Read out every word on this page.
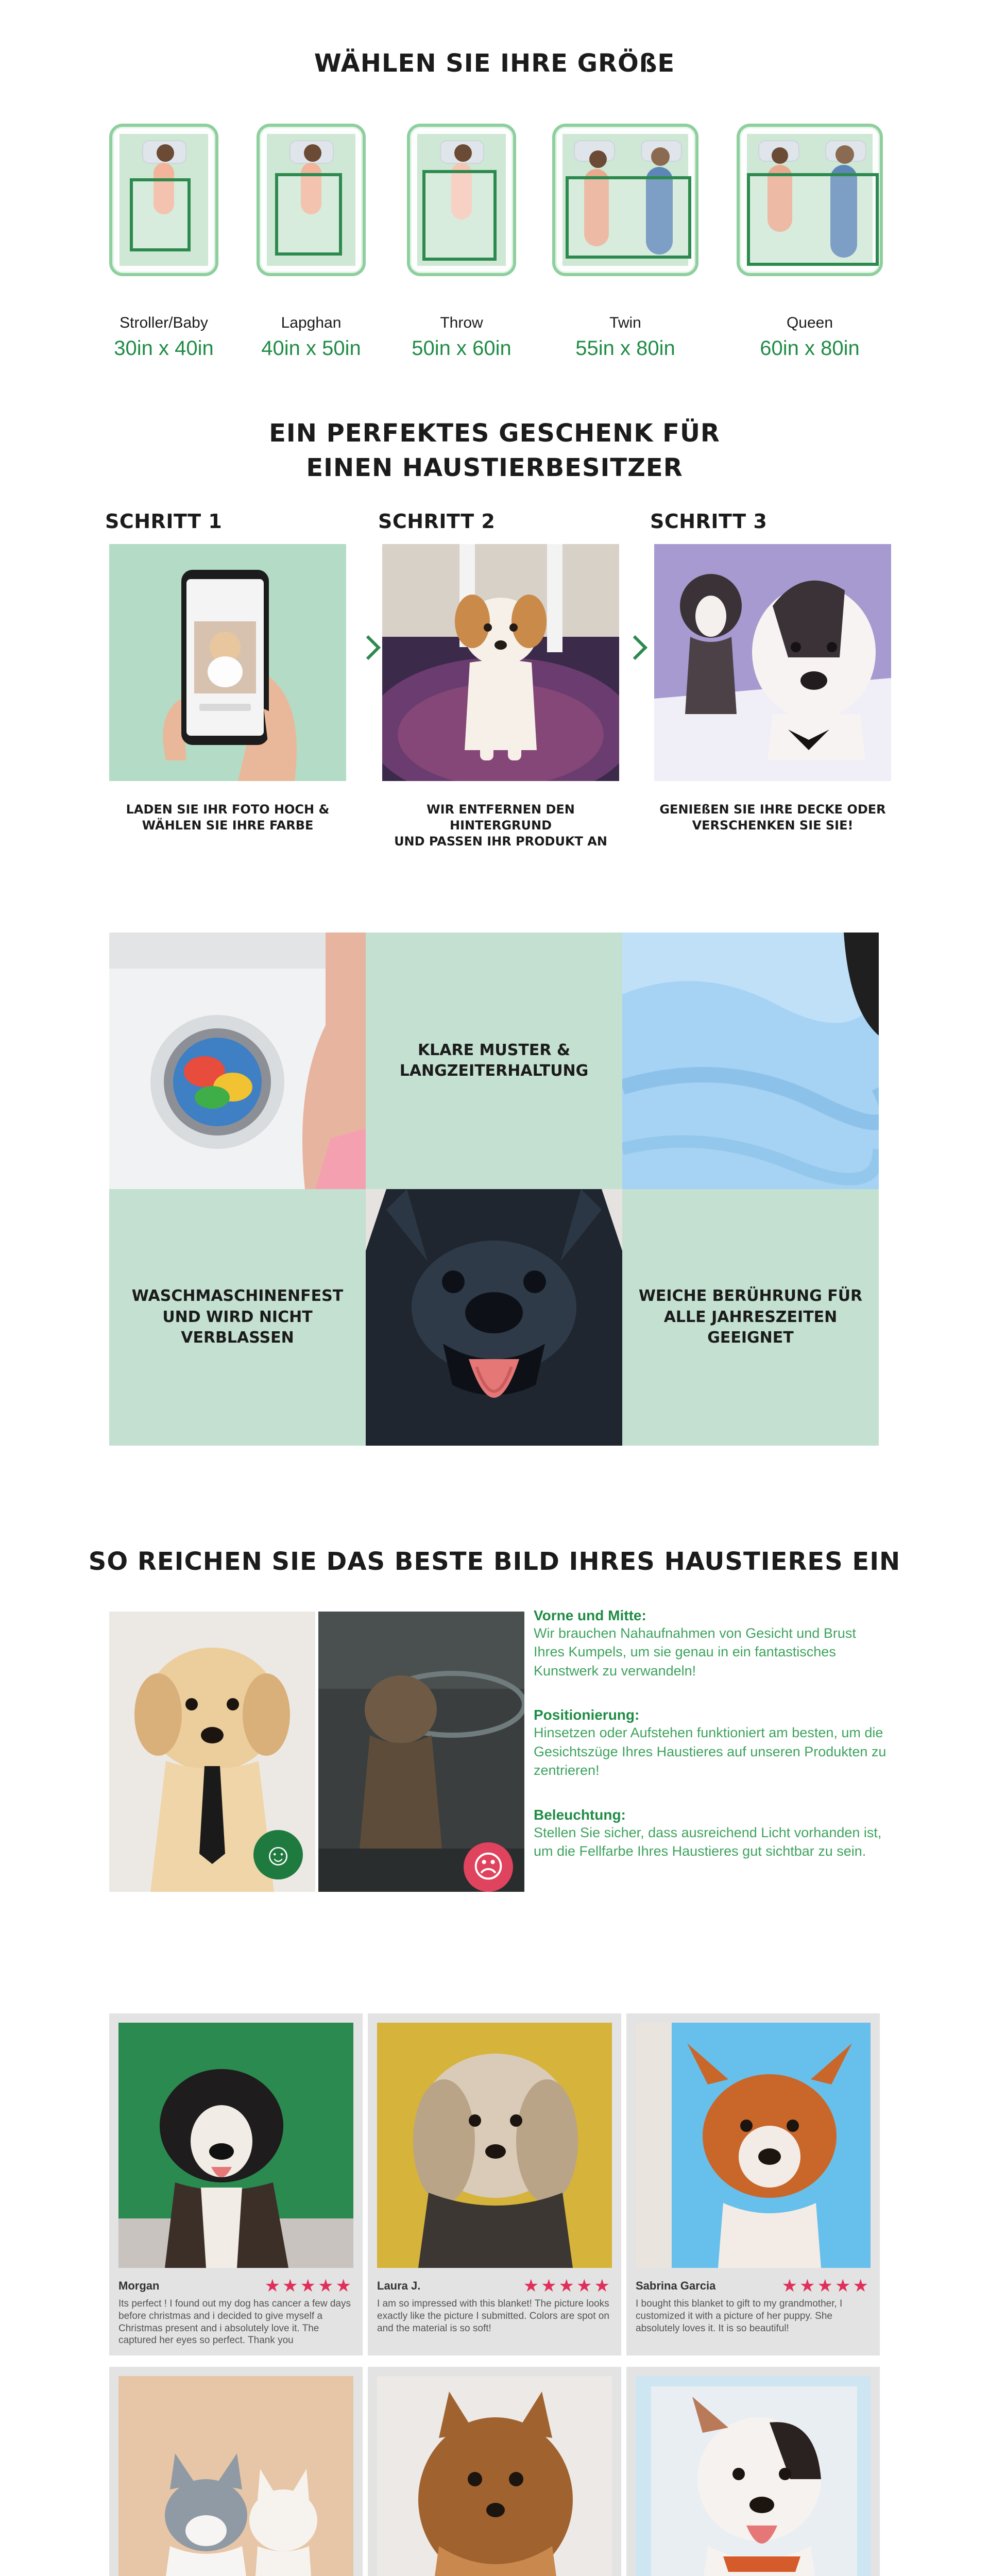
WÄHLEN SIE IHRE GRÖßE
Stroller/Baby
30in x 40in
Lapghan
40in x 50in
Throw
50in x 60in
Twin
55in x 80in
Queen
60in x 80in
EIN PERFEKTES GESCHENK FÜR
EINEN HAUSTIERBESITZER
SCHRITT 1
LADEN SIE IHR FOTO HOCH &
WÄHLEN SIE IHRE FARBE
SCHRITT 2
WIR ENTFERNEN DEN HINTERGRUND
UND PASSEN IHR PRODUKT AN
SCHRITT 3
GENIEßEN SIE IHRE DECKE ODER
VERSCHENKEN SIE SIE!
KLARE MUSTER & LANGZEITERHALTUNG
WASCHMASCHINENFEST UND WIRD NICHT VERBLASSEN
WEICHE BERÜHRUNG FÜR ALLE JAHRESZEITEN GEEIGNET
SO REICHEN SIE DAS BESTE BILD IHRES HAUSTIERES EIN
☺	☹
Vorne und Mitte:
Wir brauchen Nahaufnahmen von Gesicht und Brust Ihres Kumpels, um sie genau in ein fantastisches Kunstwerk zu verwandeln!
Positionierung:
Hinsetzen oder Aufstehen funktioniert am besten, um die Gesichtszüge Ihres Haustieres auf unseren Produkten zu zentrieren!
Beleuchtung:
Stellen Sie sicher, dass ausreichend Licht vorhanden ist, um die Fellfarbe Ihres Haustieres gut sichtbar zu sein.
Morgan	★★★★★
Its perfect ! I found out my dog has cancer a few days before christmas and i decided to give myself a Christmas present and i absolutely love it. The captured her eyes so perfect. Thank you
Laura J.	★★★★★
I am so impressed with this blanket! The picture looks exactly like the picture I submitted. Colors are spot on and the material is so soft!
Sabrina Garcia	★★★★★
I bought this blanket to gift to my grandmother, I customized it with a picture of her puppy. She absolutely loves it. It is so beautiful!
